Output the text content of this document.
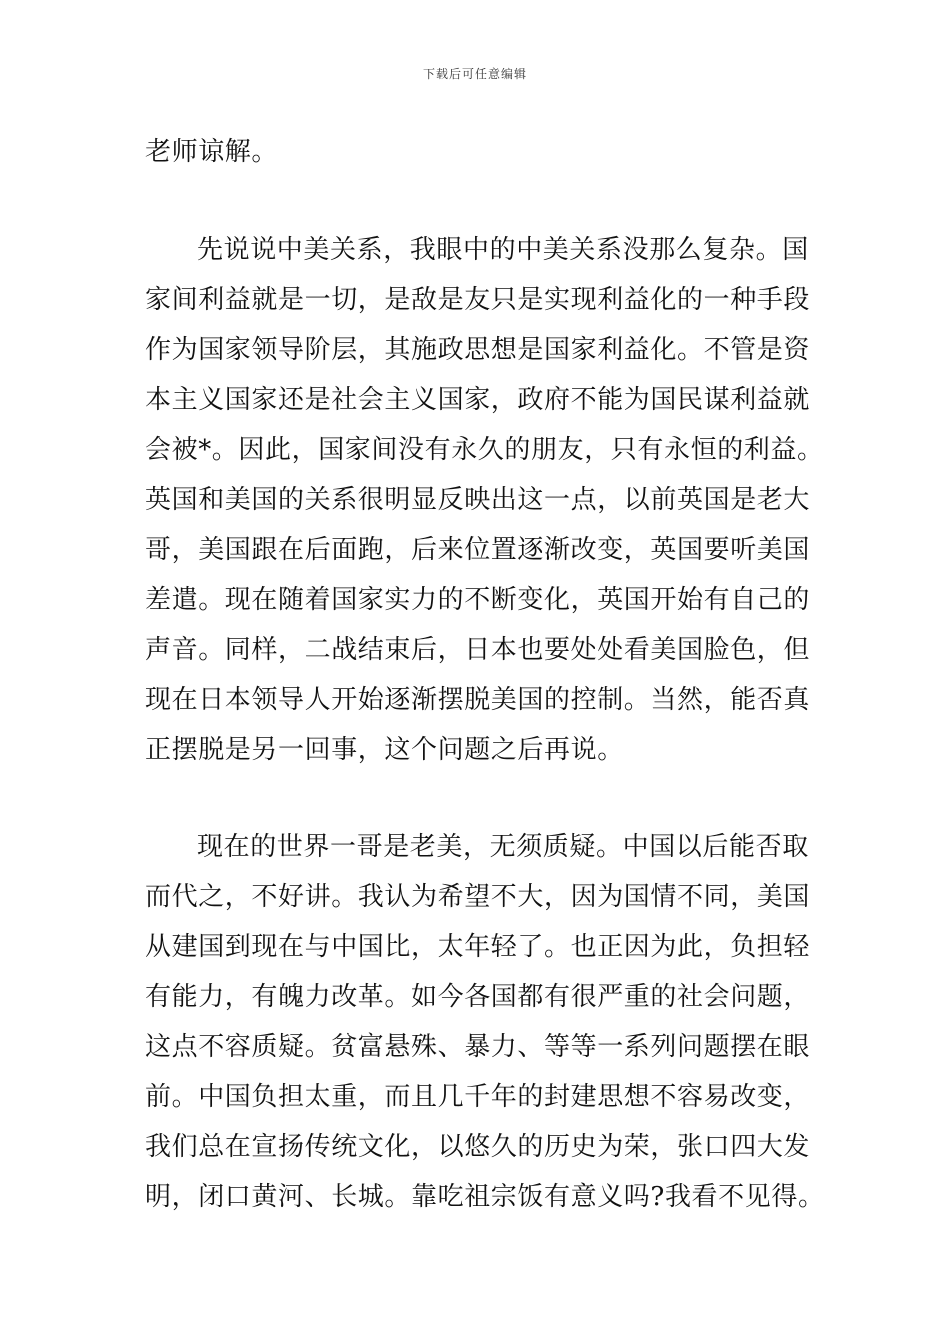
下载后可任意编辑
老师谅解。
先说说中美关系，我眼中的中美关系没那么复杂。国
家间利益就是一切，是敌是友只是实现利益化的一种手段
作为国家领导阶层，其施政思想是国家利益化。不管是资
本主义国家还是社会主义国家，政府不能为国民谋利益就
会被*。因此，国家间没有永久的朋友，只有永恒的利益。
英国和美国的关系很明显反映出这一点，以前英国是老大
哥，美国跟在后面跑，后来位置逐渐改变，英国要听美国
差遣。现在随着国家实力的不断变化，英国开始有自己的
声音。同样，二战结束后，日本也要处处看美国脸色，但
现在日本领导人开始逐渐摆脱美国的控制。当然，能否真
正摆脱是另一回事，这个问题之后再说。
现在的世界一哥是老美，无须质疑。中国以后能否取
而代之，不好讲。我认为希望不大，因为国情不同，美国
从建国到现在与中国比，太年轻了。也正因为此，负担轻
有能力，有魄力改革。如今各国都有很严重的社会问题，
这点不容质疑。贫富悬殊、暴力、等等一系列问题摆在眼
前。中国负担太重，而且几千年的封建思想不容易改变，
我们总在宣扬传统文化，以悠久的历史为荣，张口四大发
明，闭口黄河、长城。靠吃祖宗饭有意义吗?我看不见得。
